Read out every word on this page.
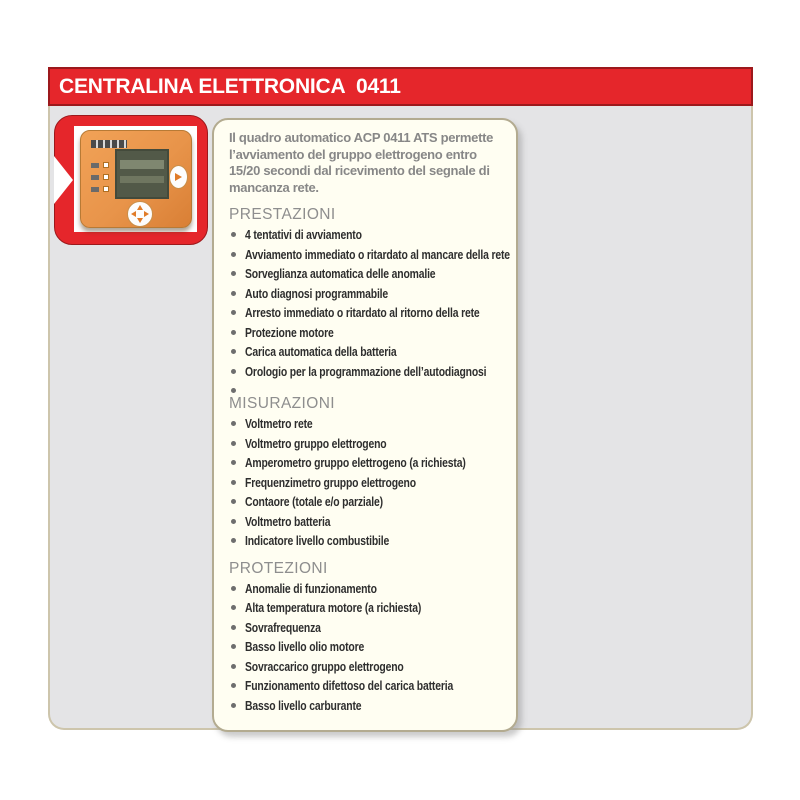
CENTRALINA ELETTRONICA  0411

Il quadro automatico ACP 0411 ATS permette l’avviamento del gruppo elettrogeno entro 15/20 secondi dal ricevimento del segnale di mancanza rete.

PRESTAZIONI
4 tentativi di avviamento
Avviamento immediato o ritardato al mancare della rete
Sorveglianza automatica delle anomalie
Auto diagnosi programmabile
Arresto immediato o ritardato al ritorno della rete
Protezione motore
Carica automatica della batteria
Orologio per la programmazione dell’autodiagnosi
MISURAZIONI
Voltmetro rete
Voltmetro gruppo elettrogeno
Amperometro gruppo elettrogeno (a richiesta)
Frequenzimetro gruppo elettrogeno
Contaore (totale e/o parziale)
Voltmetro batteria
Indicatore livello combustibile
PROTEZIONI
Anomalie di funzionamento
Alta temperatura motore (a richiesta)
Sovrafrequenza
Basso livello olio motore
Sovraccarico gruppo elettrogeno
Funzionamento difettoso del carica batteria
Basso livello carburante
